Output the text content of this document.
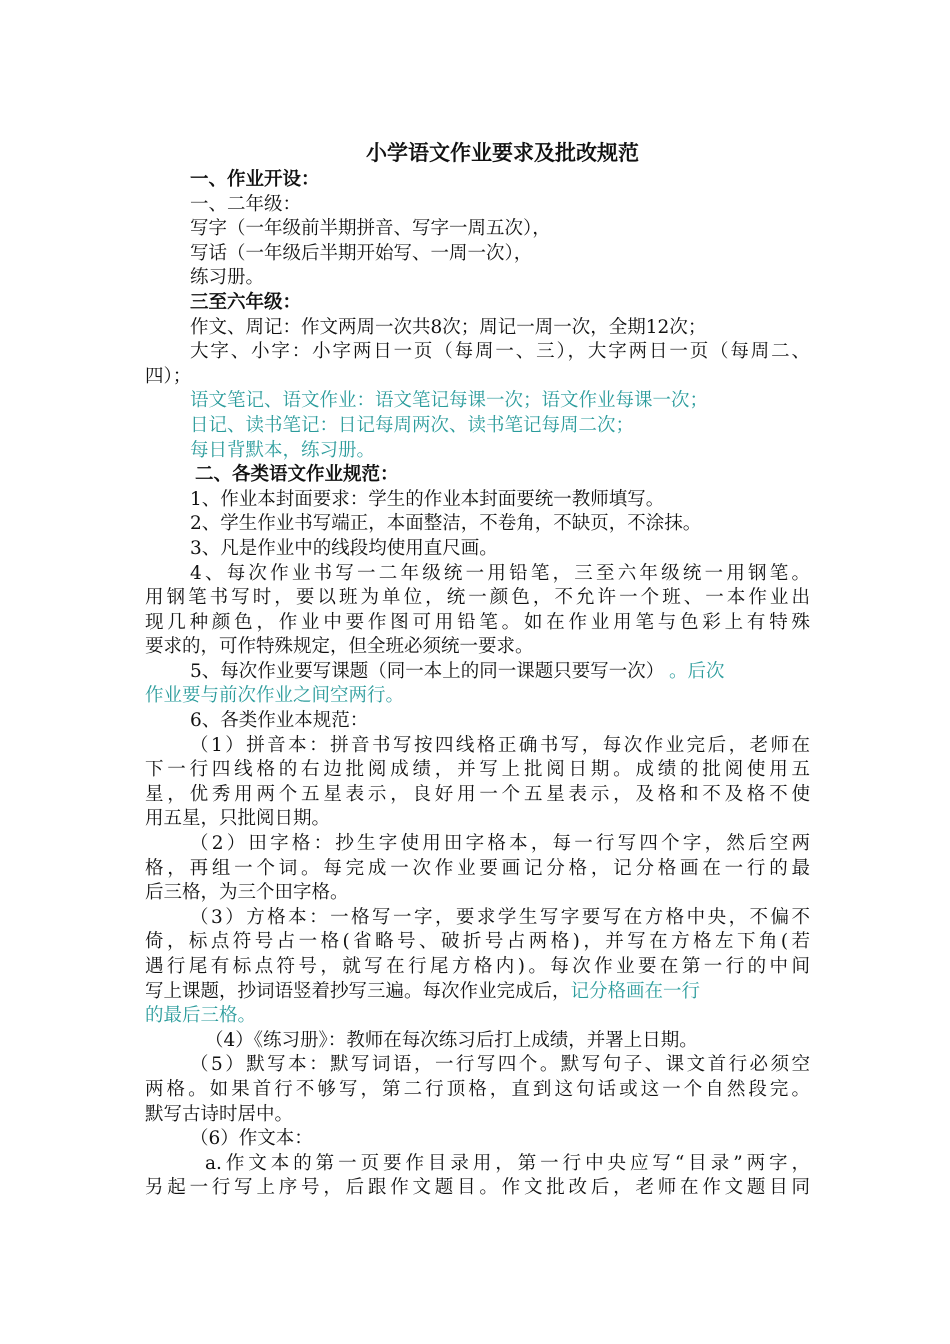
小学语文作业要求及批改规范
一、作业开设：
一、二年级：
写字（一年级前半期拼音、写字一周五次），
写话（一年级后半期开始写、一周一次），
练习册。
三至六年级：
作文、周记：作文两周一次共8次；周记一周一次，全期12次；
大字、小字：小字两日一页（每周一、三），大字两日一页（每周二、
四）；
语文笔记、语文作业：语文笔记每课一次；语文作业每课一次；
日记、读书笔记：日记每周两次、读书笔记每周二次；
每日背默本，练习册。
二、各类语文作业规范：
1、作业本封面要求：学生的作业本封面要统一教师填写。
2、学生作业书写端正，本面整洁，不卷角，不缺页，不涂抹。
3、凡是作业中的线段均使用直尺画。
4、每次作业书写一二年级统一用铅笔，三至六年级统一用钢笔。
用钢笔书写时，要以班为单位，统一颜色，不允许一个班、一本作业出
现几种颜色，作业中要作图可用铅笔。如在作业用笔与色彩上有特殊
要求的，可作特殊规定，但全班必须统一要求。
5、每次作业要写课题（同一本上的同一课题只要写一次） 。后次
作业要与前次作业之间空两行。
6、各类作业本规范：
（1）拼音本：拼音书写按四线格正确书写，每次作业完后，老师在
下一行四线格的右边批阅成绩，并写上批阅日期。成绩的批阅使用五
星，优秀用两个五星表示，良好用一个五星表示，及格和不及格不使
用五星，只批阅日期。
（2）田字格：抄生字使用田字格本，每一行写四个字，然后空两
格，再组一个词。每完成一次作业要画记分格，记分格画在一行的最
后三格，为三个田字格。
（3）方格本：一格写一字，要求学生写字要写在方格中央，不偏不
倚，标点符号占一格(省略号、破折号占两格)，并写在方格左下角(若
遇行尾有标点符号，就写在行尾方格内)。每次作业要在第一行的中间
写上课题，抄词语竖着抄写三遍。每次作业完成后，记分格画在一行
的最后三格。
（4）《练习册》：教师在每次练习后打上成绩，并署上日期。
（5）默写本：默写词语，一行写四个。默写句子、课文首行必须空
两格。如果首行不够写，第二行顶格，直到这句话或这一个自然段完。
默写古诗时居中。
（6）作文本：
a.作文本的第一页要作目录用，第一行中央应写“目录”两字，
另起一行写上序号，后跟作文题目。作文批改后，老师在作文题目同
